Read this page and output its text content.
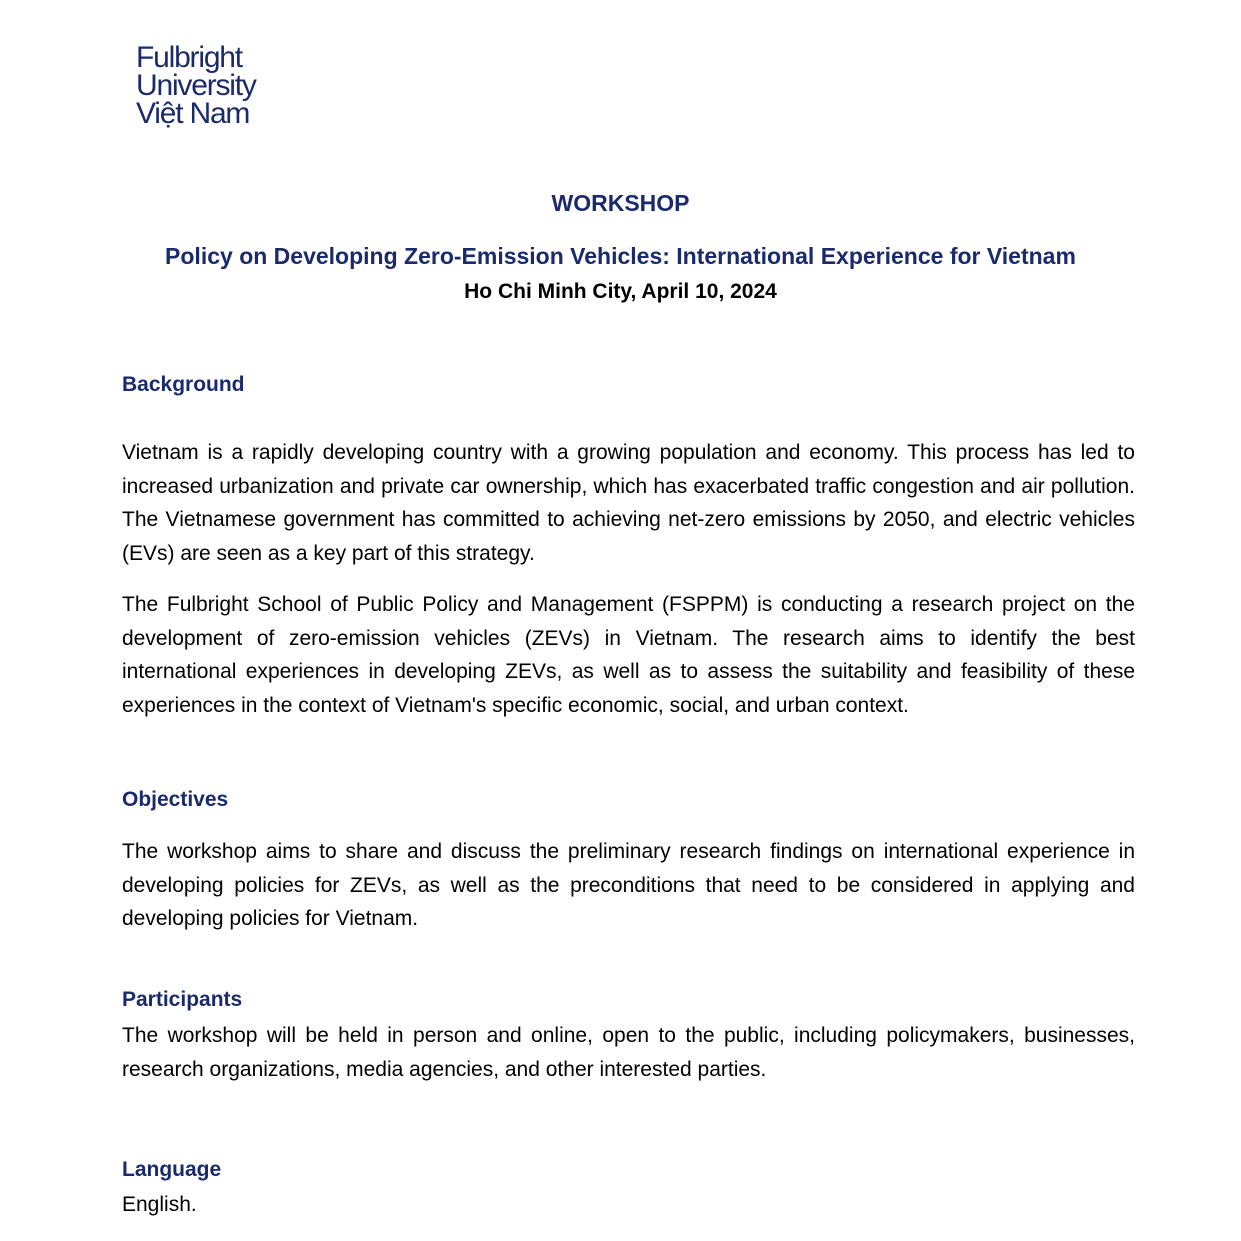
Fulbright
University
Việt Nam
WORKSHOP
Policy on Developing Zero-Emission Vehicles: International Experience for Vietnam
Ho Chi Minh City, April 10, 2024
Background
Vietnam is a rapidly developing country with a growing population and economy. This process has led to increased urbanization and private car ownership, which has exacerbated traffic congestion and air pollution. The Vietnamese government has committed to achieving net-zero emissions by 2050, and electric vehicles (EVs) are seen as a key part of this strategy.
The Fulbright School of Public Policy and Management (FSPPM) is conducting a research project on the development of zero-emission vehicles (ZEVs) in Vietnam. The research aims to identify the best international experiences in developing ZEVs, as well as to assess the suitability and feasibility of these experiences in the context of Vietnam's specific economic, social, and urban context.
Objectives
The workshop aims to share and discuss the preliminary research findings on international experience in developing policies for ZEVs, as well as the preconditions that need to be considered in applying and developing policies for Vietnam.
Participants
The workshop will be held in person and online, open to the public, including policymakers, businesses, research organizations, media agencies, and other interested parties.
Language
English.
